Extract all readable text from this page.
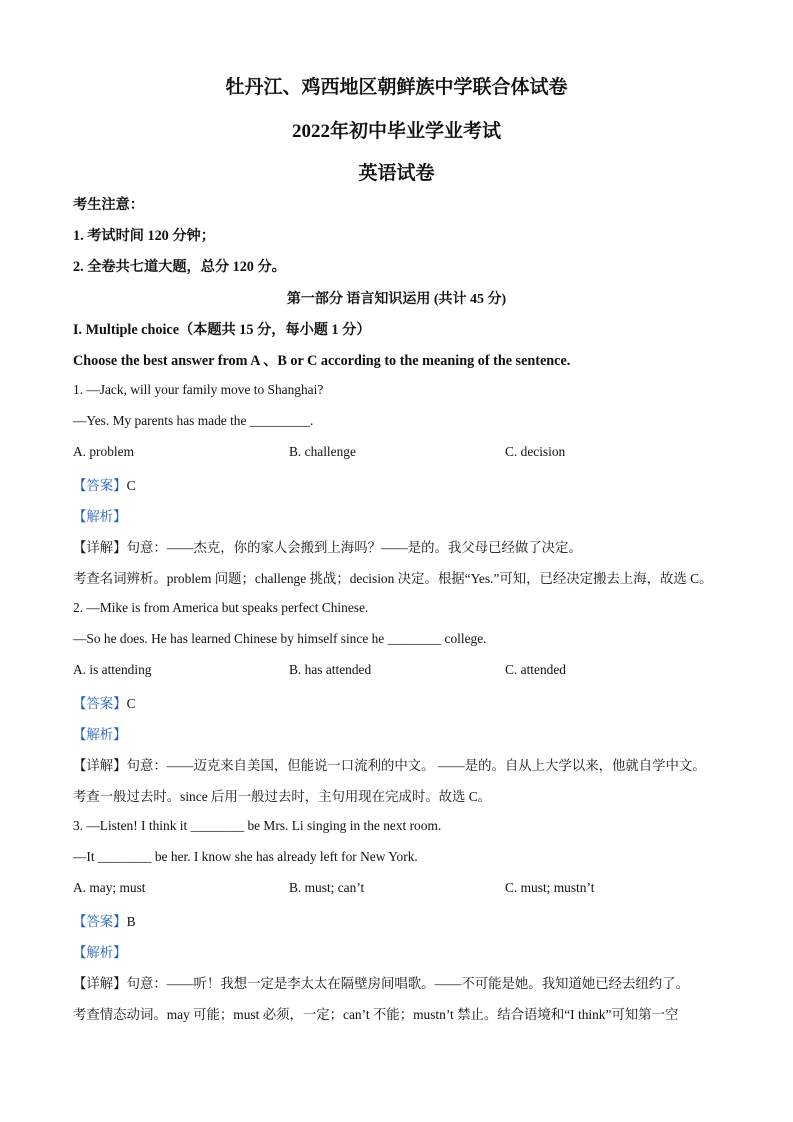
牡丹江、鸡西地区朝鲜族中学联合体试卷
2022年初中毕业学业考试
英语试卷
考生注意：
1. 考试时间 120 分钟；
2. 全卷共七道大题，总分 120 分。
第一部分 语言知识运用 (共计 45 分)
I. Multiple choice（本题共 15 分，每小题 1 分）
Choose the best answer from A 、B or C according to the meaning of the sentence.
1. —Jack, will your family move to Shanghai?
—Yes. My parents has made the _________.
A. problem	B. challenge	C. decision
【答案】C
【解析】
【详解】句意：——杰克，你的家人会搬到上海吗？——是的。我父母已经做了决定。
考查名词辨析。problem 问题；challenge 挑战；decision 决定。根据“Yes.”可知，已经决定搬去上海，故选 C。
2. —Mike is from America but speaks perfect Chinese.
—So he does. He has learned Chinese by himself since he ________ college.
A. is attending	B. has attended	C. attended
【答案】C
【解析】
【详解】句意：——迈克来自美国，但能说一口流利的中文。 ——是的。自从上大学以来，他就自学中文。
考查一般过去时。since 后用一般过去时，主句用现在完成时。故选 C。
3. —Listen! I think it ________ be Mrs. Li singing in the next room.
—It ________ be her. I know she has already left for New York.
A. may; must	B. must; can’t	C. must; mustn’t
【答案】B
【解析】
【详解】句意：——听！我想一定是李太太在隔壁房间唱歌。——不可能是她。我知道她已经去纽约了。
考查情态动词。may 可能；must 必须，一定；can’t 不能；mustn’t 禁止。结合语境和“I think”可知第一空
